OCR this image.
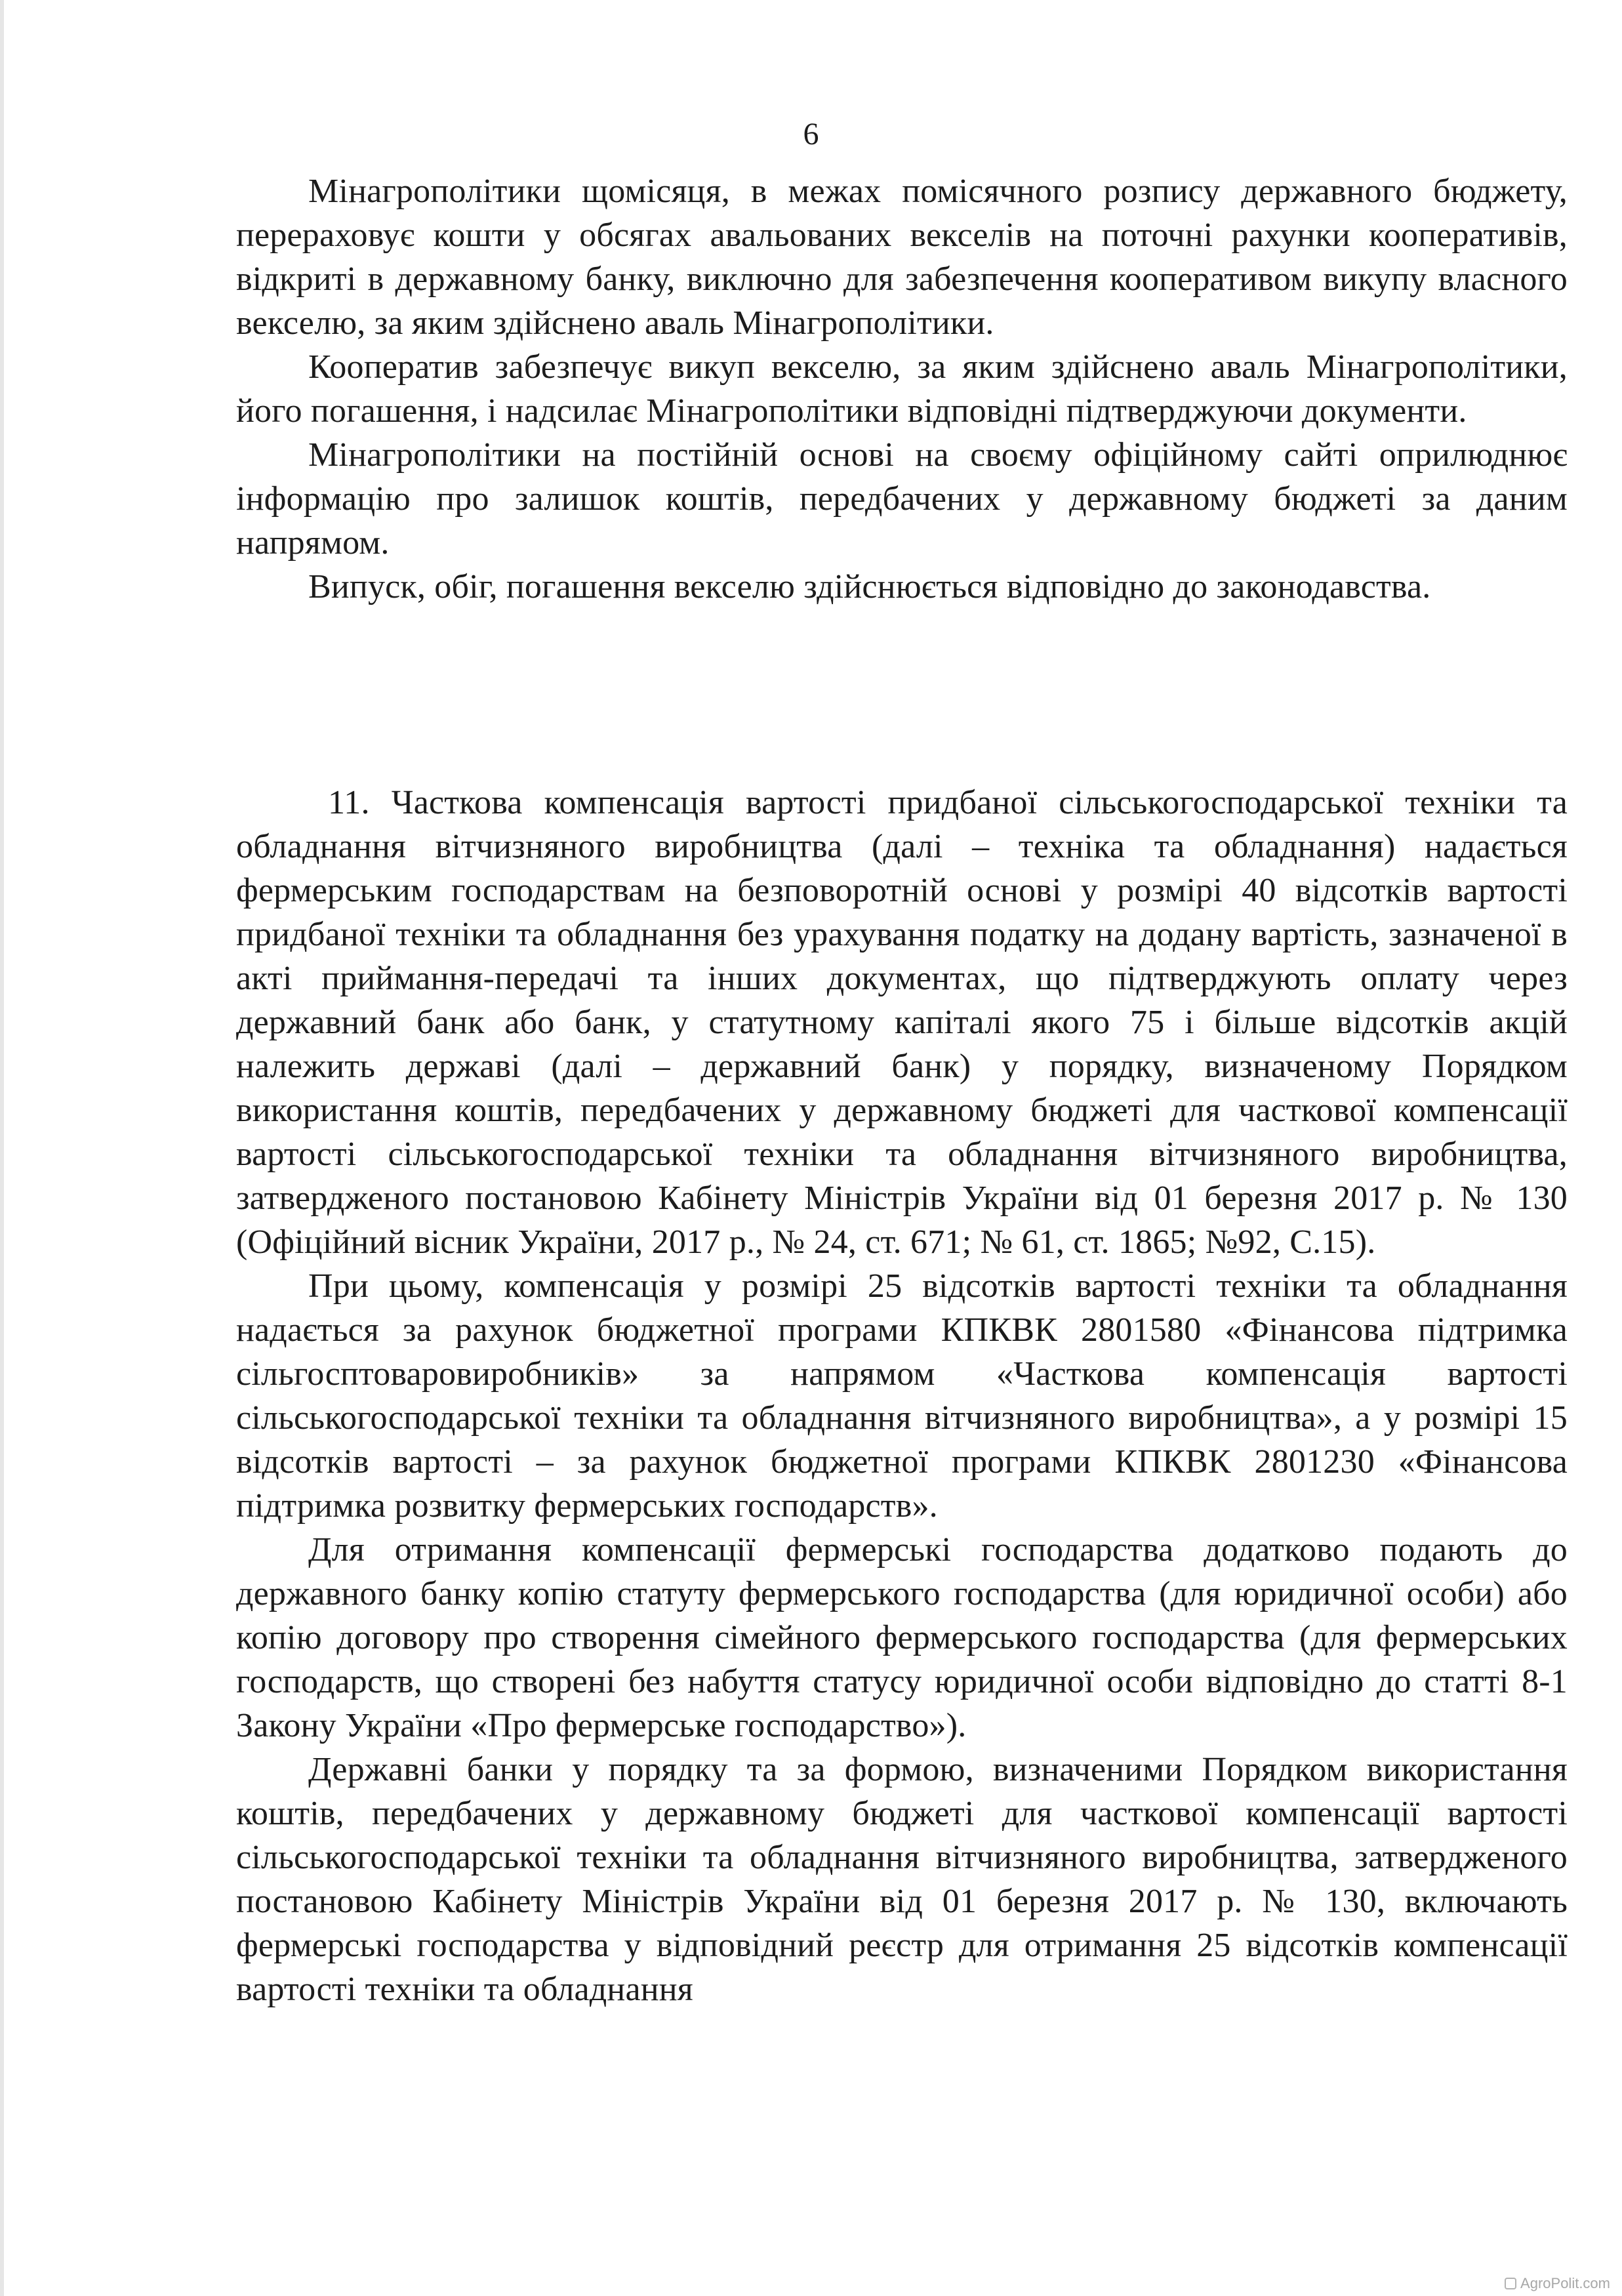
6

Мінагрополітики щомісяця, в межах помісячного розпису державного бюджету, перераховує кошти у обсягах авальованих векселів на поточні рахунки кооперативів, відкриті в державному банку, виключно для забезпечення кооперативом викупу власного векселю, за яким здійснено аваль Мінагрополітики.

Кооператив забезпечує викуп векселю, за яким здійснено аваль Мінагрополітики, його погашення, і надсилає Мінагрополітики відповідні підтверджуючи документи.

Мінагрополітики на постійній основі на своєму офіційному сайті оприлюднює інформацію про залишок коштів, передбачених у державному бюджеті за даним напрямом.

Випуск, обіг, погашення векселю здійснюється відповідно до законодавства.

11. Часткова компенсація вартості придбаної сільськогосподарської техніки та обладнання вітчизняного виробництва (далі – техніка та обладнання) надається фермерським господарствам на безповоротній основі у розмірі 40 відсотків вартості придбаної техніки та обладнання без урахування податку на додану вартість, зазначеної в акті приймання-передачі та інших документах, що підтверджують оплату через державний банк або банк, у статутному капіталі якого 75 і більше відсотків акцій належить державі (далі – державний банк) у порядку, визначеному Порядком використання коштів, передбачених у державному бюджеті для часткової компенсації вартості сільськогосподарської техніки та обладнання вітчизняного виробництва, затвердженого постановою Кабінету Міністрів України від 01 березня 2017 р. № 130 (Офіційний вісник України, 2017 р., № 24, ст. 671; № 61, ст. 1865; №92, С.15).

При цьому, компенсація у розмірі 25 відсотків вартості техніки та обладнання надається за рахунок бюджетної програми КПКВК 2801580 «Фінансова підтримка сільгосптоваровиробників» за напрямом «Часткова компенсація вартості сільськогосподарської техніки та обладнання вітчизняного виробництва», а у розмірі 15 відсотків вартості – за рахунок бюджетної програми КПКВК 2801230 «Фінансова підтримка розвитку фермерських господарств».

Для отримання компенсації фермерські господарства додатково подають до державного банку копію статуту фермерського господарства (для юридичної особи) або копію договору про створення сімейного фермерського господарства (для фермерських господарств, що створені без набуття статусу юридичної особи відповідно до статті 8-1 Закону України «Про фермерське господарство»).

Державні банки у порядку та за формою, визначеними Порядком використання коштів, передбачених у державному бюджеті для часткової компенсації вартості сільськогосподарської техніки та обладнання вітчизняного виробництва, затвердженого постановою Кабінету Міністрів України від 01 березня 2017 р. № 130, включають фермерські господарства у відповідний реєстр для отримання 25 відсотків компенсації вартості техніки та обладнання

AgroPolit.com
